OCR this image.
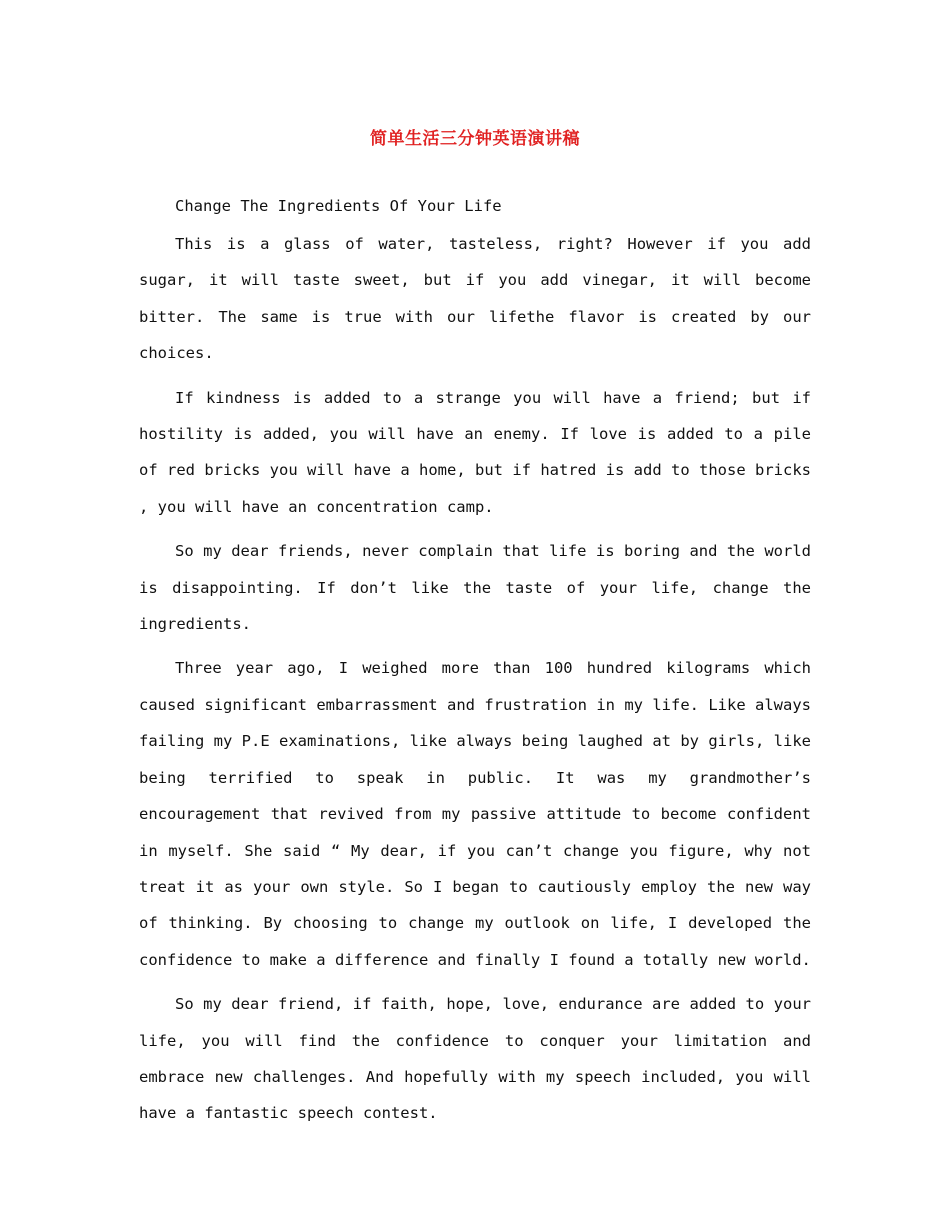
简单生活三分钟英语演讲稿

Change The Ingredients Of Your Life

This is a glass of water, tasteless, right? However if you add sugar, it will taste sweet, but if you add vinegar, it will become bitter. The same is true with our lifethe flavor is created by our choices.

If kindness is added to a strange you will have a friend; but if hostility is added, you will have an enemy. If love is added to a pile of red bricks you will have a home, but if hatred is add to those bricks , you will have an concentration camp.

So my dear friends, never complain that life is boring and the world is disappointing. If don’t like the taste of your life, change the ingredients.

Three year ago, I weighed more than 100 hundred kilograms which caused significant embarrassment and frustration in my life. Like always failing my P.E examinations, like always being laughed at by girls, like being terrified to speak in public. It was my grandmother’s encouragement that revived from my passive attitude to become confident in myself. She said “ My dear, if you can’t change you figure, why not treat it as your own style. So I began to cautiously employ the new way of thinking. By choosing to change my outlook on life, I developed the confidence to make a difference and finally I found a totally new world.

So my dear friend, if faith, hope, love, endurance are added to your life, you will find the confidence to conquer your limitation and embrace new challenges. And hopefully with my speech included, you will have a fantastic speech contest.
